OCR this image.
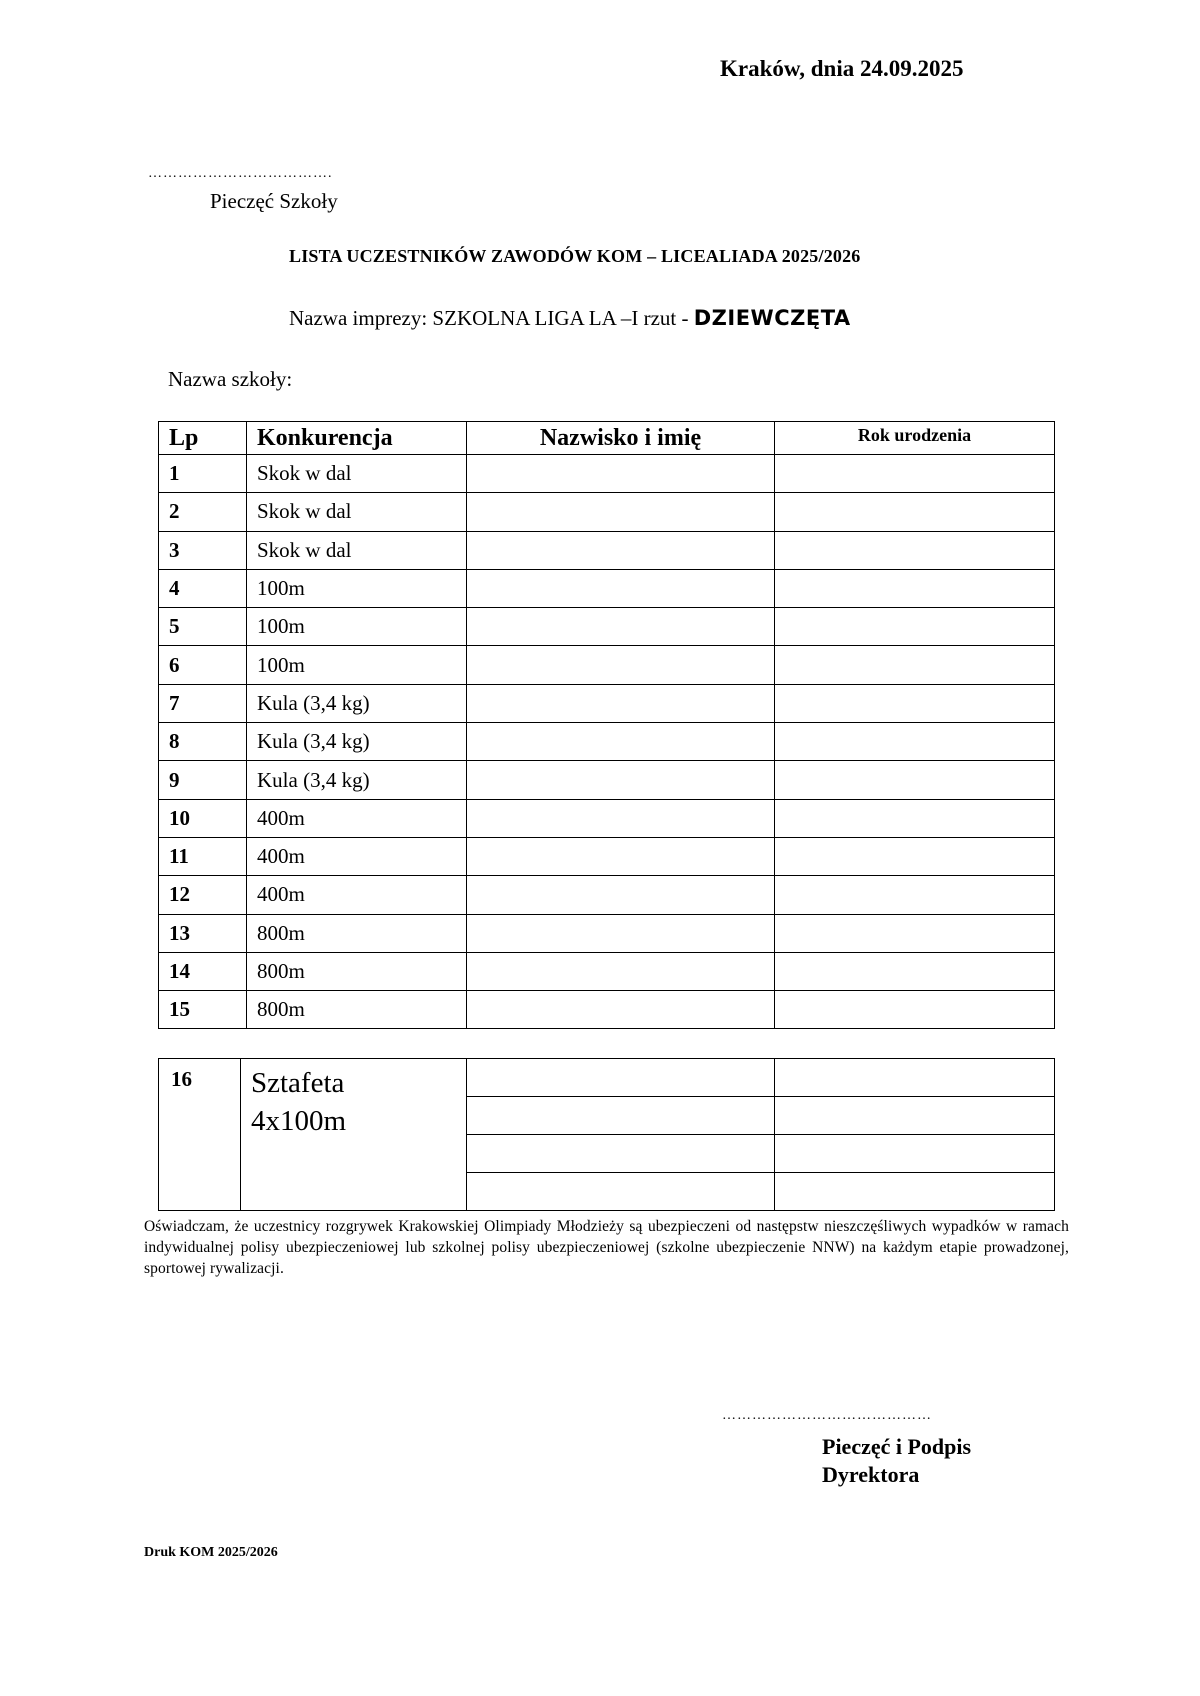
Kraków, dnia 24.09.2025
……………………………….
Pieczęć Szkoły
LISTA UCZESTNIKÓW ZAWODÓW KOM – LICEALIADA 2025/2026
Nazwa imprezy: SZKOLNA LIGA LA –I rzut - DZIEWCZĘTA
Nazwa szkoły:
Lp	Konkurencja	Nazwisko i imię	Rok urodzenia
1	Skok w dal		
2	Skok w dal		
3	Skok w dal		
4	100m		
5	100m		
6	100m		
7	Kula (3,4 kg)		
8	Kula (3,4 kg)		
9	Kula (3,4 kg)		
10	400m		
11	400m		
12	400m		
13	800m		
14	800m		
15	800m		
16	Sztafeta
4x100m		

Oświadczam, że uczestnicy rozgrywek Krakowskiej Olimpiady Młodzieży są ubezpieczeni od następstw nieszczęśliwych wypadków w ramach indywidualnej polisy ubezpieczeniowej lub szkolnej polisy ubezpieczeniowej (szkolne ubezpieczenie NNW) na każdym etapie prowadzonej, sportowej rywalizacji.
……………………………………
Pieczęć i Podpis
Dyrektora
Druk KOM 2025/2026
